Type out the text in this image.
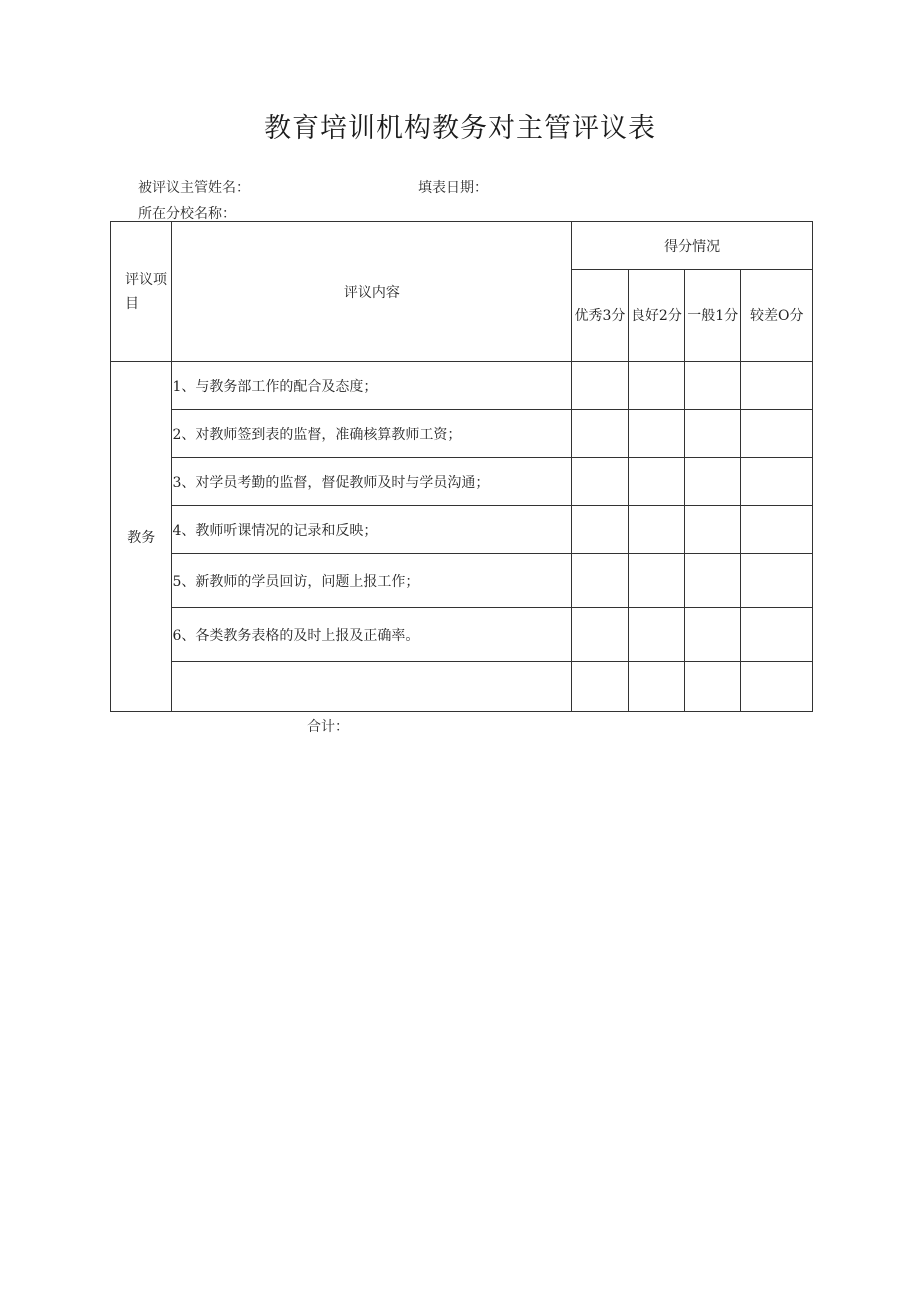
教育培训机构教务对主管评议表
被评议主管姓名：	填表日期：
所在分校名称：
评议项目	评议内容	得分情况			
		优秀3分	良好2分	一般1分	较差O分
教务	1、与教务部工作的配合及态度；				
	2、对教师签到表的监督，准确核算教师工资；				
	3、对学员考勤的监督，督促教师及时与学员沟通；				
	4、教师听课情况的记录和反映；				
	5、新教师的学员回访，问题上报工作；				
	6、各类教务表格的及时上报及正确率。				

合计：
